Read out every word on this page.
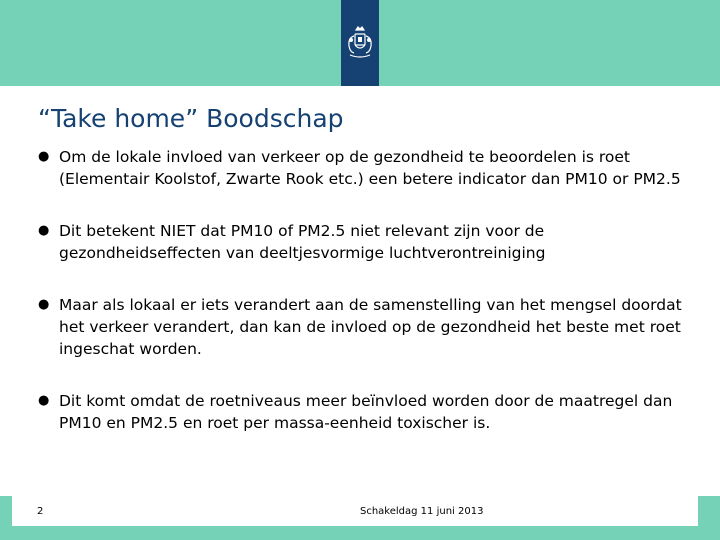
“Take home” Boodschap
● Om de lokale invloed van verkeer op de gezondheid te beoordelen is roet (Elementair Koolstof, Zwarte Rook etc.) een betere indicator dan PM10 or PM2.5
● Dit betekent NIET dat PM10 of PM2.5 niet relevant zijn voor de gezondheidseffecten van deeltjesvormige luchtverontreiniging
● Maar als lokaal er iets verandert aan de samenstelling van het mengsel doordat het verkeer verandert, dan kan de invloed op de gezondheid het beste met roet ingeschat worden.
● Dit komt omdat de roetniveaus meer beïnvloed worden door de maatregel dan PM10 en PM2.5 en roet per massa-eenheid toxischer is.
2	Schakeldag 11 juni 2013
